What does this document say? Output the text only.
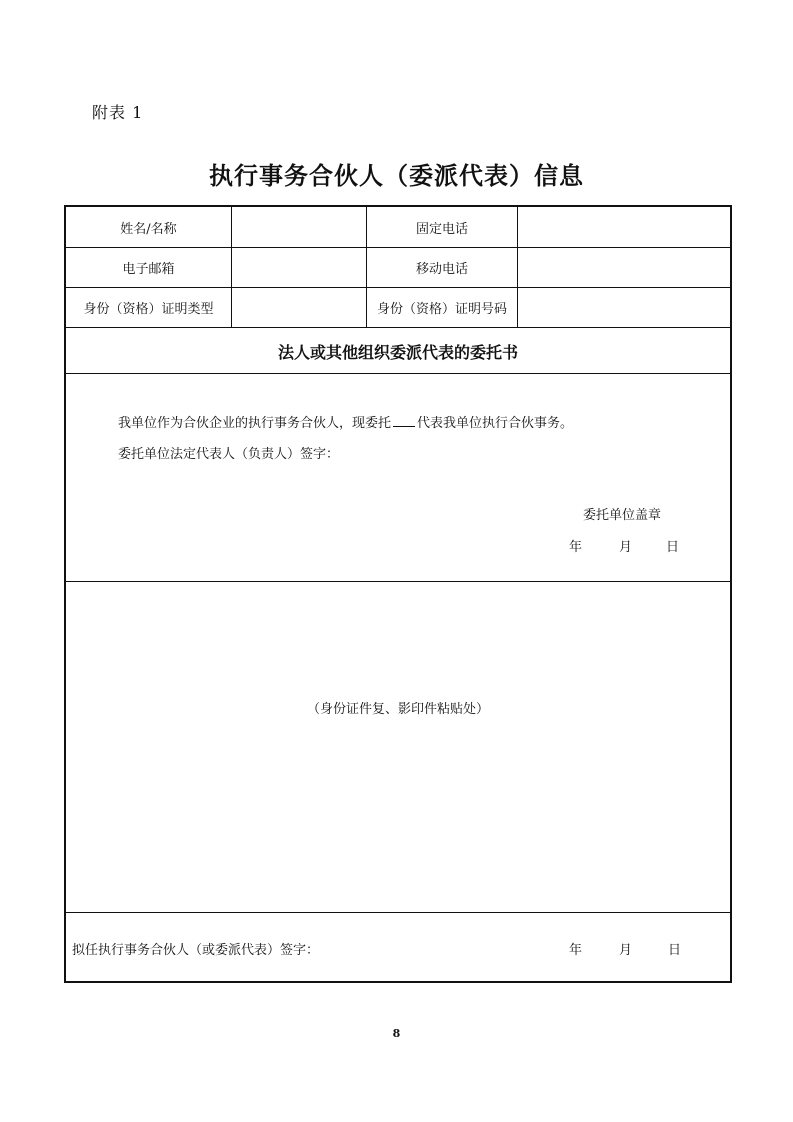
附表 1
执行事务合伙人（委派代表）信息
姓名/名称	固定电话
电子邮箱	移动电话
身份（资格）证明类型	身份（资格）证明号码
法人或其他组织委派代表的委托书
我单位作为合伙企业的执行事务合伙人，现委托 代表我单位执行合伙事务。
委托单位法定代表人（负责人）签字：
委托单位盖章
年	月	日
（身份证件复、影印件粘贴处）
拟任执行事务合伙人（或委派代表）签字：	年	月	日
8
